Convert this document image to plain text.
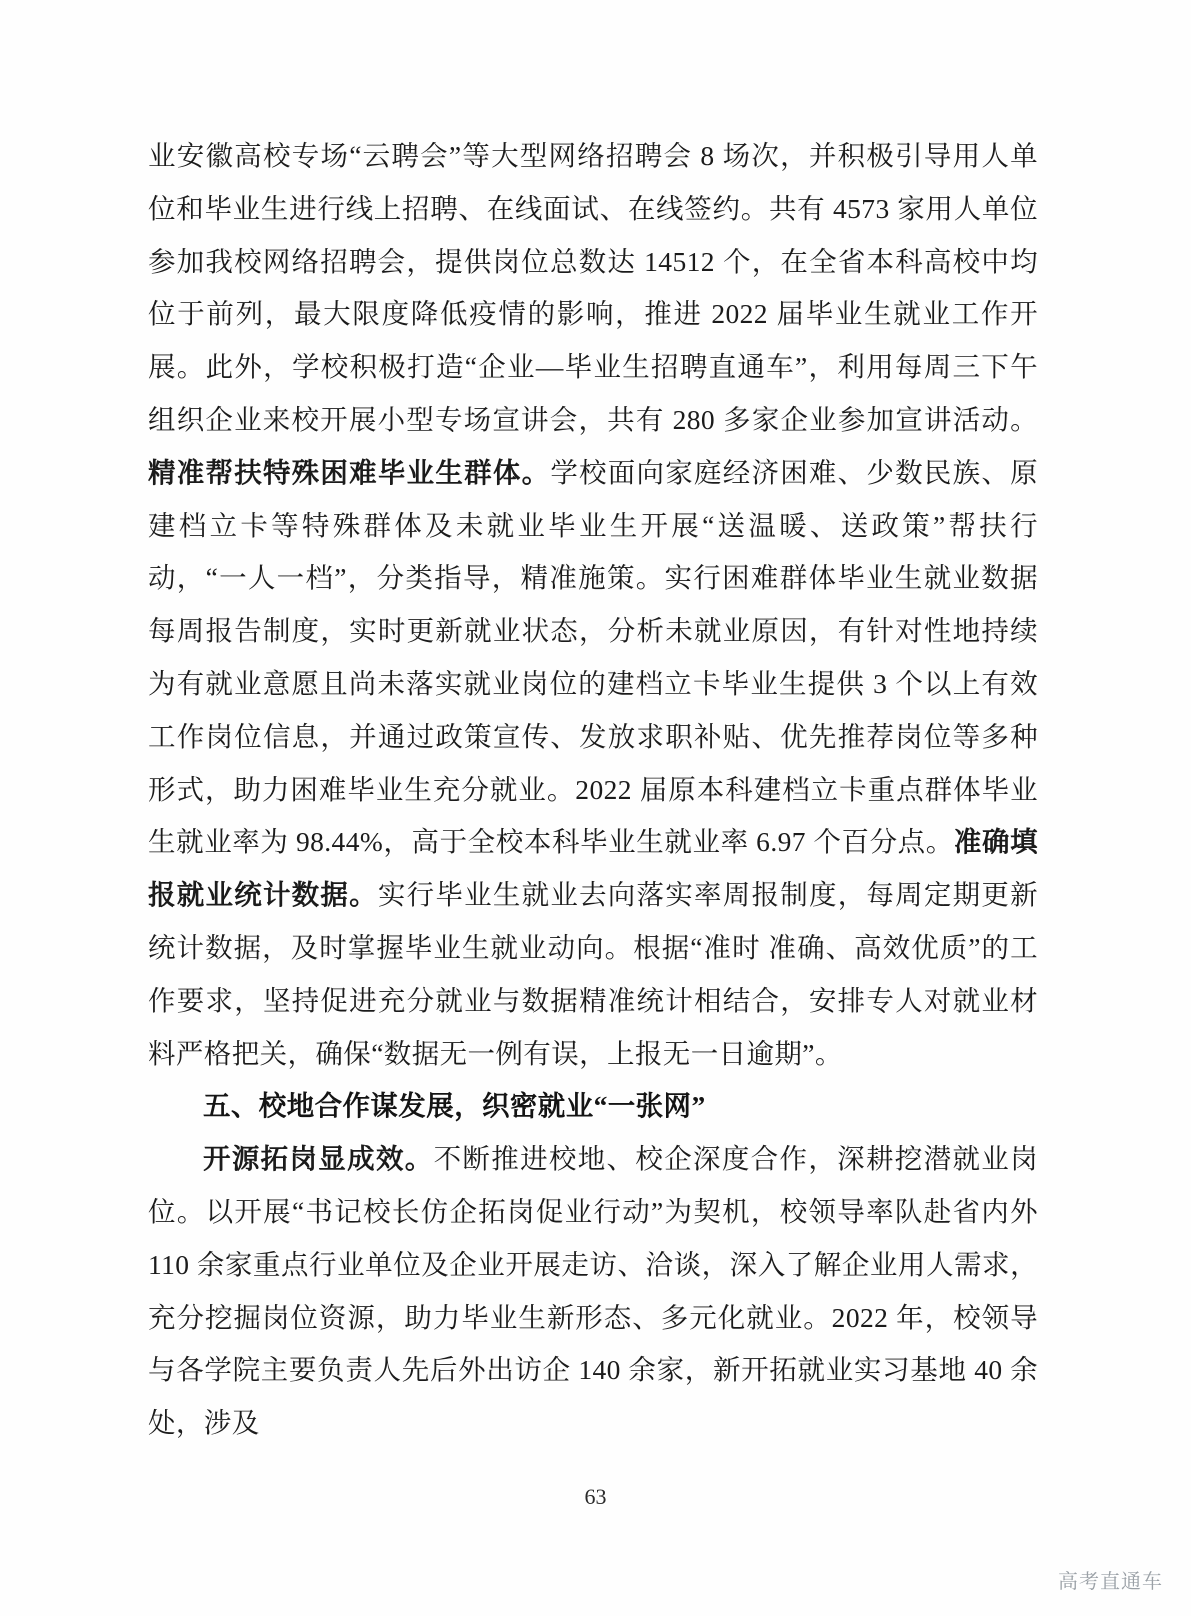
业安徽高校专场“云聘会”等大型网络招聘会 8 场次，并积极引导用人单位和毕业生进行线上招聘、在线面试、在线签约。共有 4573 家用人单位参加我校网络招聘会，提供岗位总数达 14512 个，在全省本科高校中均位于前列，最大限度降低疫情的影响，推进 2022 届毕业生就业工作开展。此外，学校积极打造“企业—毕业生招聘直通车”，利用每周三下午组织企业来校开展小型专场宣讲会，共有 280 多家企业参加宣讲活动。精准帮扶特殊困难毕业生群体。学校面向家庭经济困难、少数民族、原建档立卡等特殊群体及未就业毕业生开展“送温暖、送政策”帮扶行动，“一人一档”，分类指导，精准施策。实行困难群体毕业生就业数据每周报告制度，实时更新就业状态，分析未就业原因，有针对性地持续为有就业意愿且尚未落实就业岗位的建档立卡毕业生提供 3 个以上有效工作岗位信息，并通过政策宣传、发放求职补贴、优先推荐岗位等多种形式，助力困难毕业生充分就业。2022 届原本科建档立卡重点群体毕业生就业率为 98.44%，高于全校本科毕业生就业率 6.97 个百分点。准确填报就业统计数据。实行毕业生就业去向落实率周报制度，每周定期更新统计数据，及时掌握毕业生就业动向。根据“准时 准确、高效优质”的工作要求，坚持促进充分就业与数据精准统计相结合，安排专人对就业材料严格把关，确保“数据无一例有误，上报无一日逾期”。

五、校地合作谋发展，织密就业“一张网”

开源拓岗显成效。不断推进校地、校企深度合作，深耕挖潜就业岗位。以开展“书记校长仿企拓岗促业行动”为契机，校领导率队赴省内外 110 余家重点行业单位及企业开展走访、洽谈，深入了解企业用人需求，充分挖掘岗位资源，助力毕业生新形态、多元化就业。2022 年，校领导与各学院主要负责人先后外出访企 140 余家，新开拓就业实习基地 40 余处，涉及

63
高考直通车
